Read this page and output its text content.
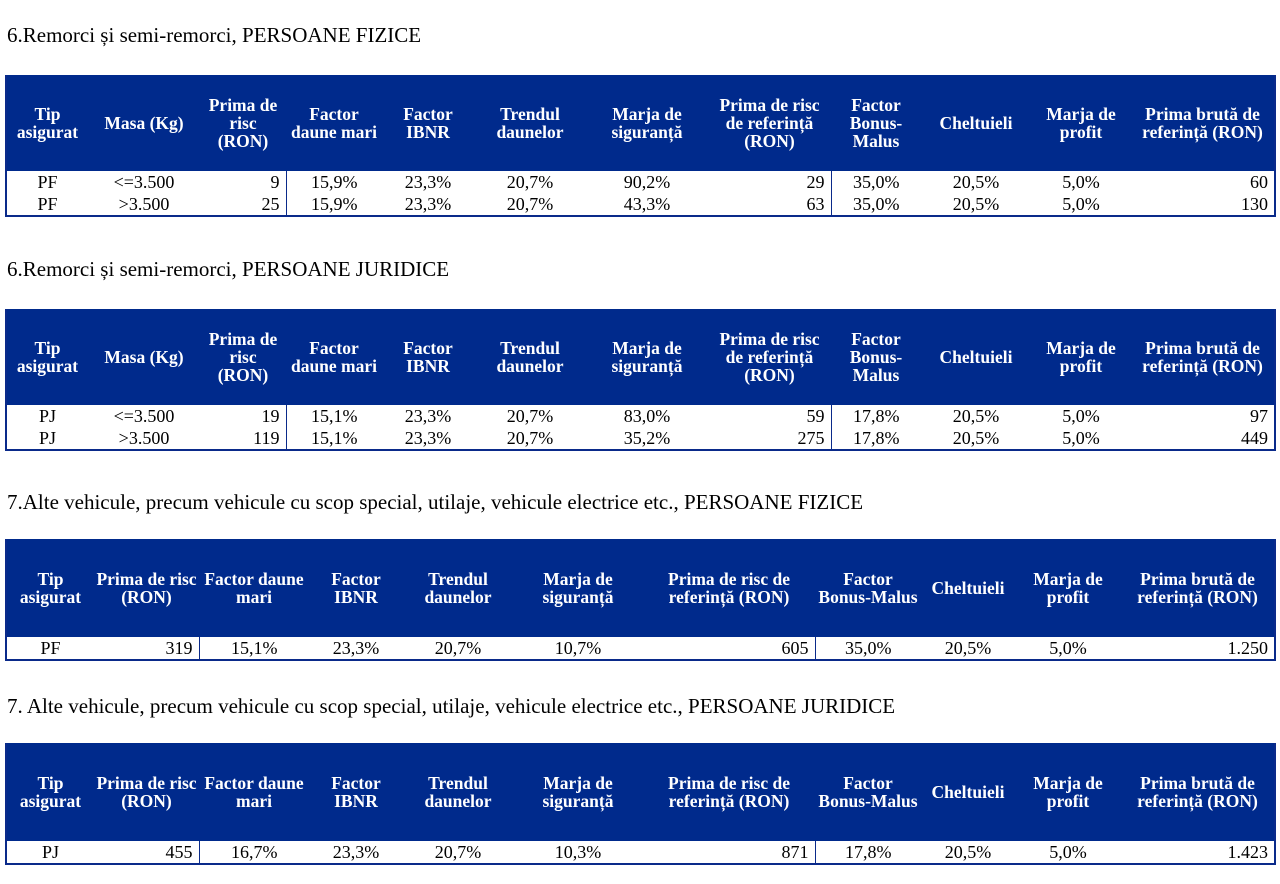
6.Remorci și semi-remorci, PERSOANE FIZICE
Tip asigurat	Masa (Kg)	Prima de risc (RON)	Factor daune mari	Factor IBNR	Trendul daunelor	Marja de siguranță	Prima de risc de referință (RON)	Factor Bonus-Malus	Cheltuieli	Marja de profit	Prima brută de referință (RON)
PF	<=3.500	9	15,9%	23,3%	20,7%	90,2%	29	35,0%	20,5%	5,0%	60
PF	>3.500	25	15,9%	23,3%	20,7%	43,3%	63	35,0%	20,5%	5,0%	130
6.Remorci și semi-remorci, PERSOANE JURIDICE
Tip asigurat	Masa (Kg)	Prima de risc (RON)	Factor daune mari	Factor IBNR	Trendul daunelor	Marja de siguranță	Prima de risc de referință (RON)	Factor Bonus-Malus	Cheltuieli	Marja de profit	Prima brută de referință (RON)
PJ	<=3.500	19	15,1%	23,3%	20,7%	83,0%	59	17,8%	20,5%	5,0%	97
PJ	>3.500	119	15,1%	23,3%	20,7%	35,2%	275	17,8%	20,5%	5,0%	449
7.Alte vehicule, precum vehicule cu scop special, utilaje, vehicule electrice etc., PERSOANE FIZICE
Tip asigurat	Prima de risc (RON)	Factor daune mari	Factor IBNR	Trendul daunelor	Marja de siguranță	Prima de risc de referință (RON)	Factor Bonus-Malus	Cheltuieli	Marja de profit	Prima brută de referință (RON)
PF	319	15,1%	23,3%	20,7%	10,7%	605	35,0%	20,5%	5,0%	1.250
7. Alte vehicule, precum vehicule cu scop special, utilaje, vehicule electrice etc., PERSOANE JURIDICE
Tip asigurat	Prima de risc (RON)	Factor daune mari	Factor IBNR	Trendul daunelor	Marja de siguranță	Prima de risc de referință (RON)	Factor Bonus-Malus	Cheltuieli	Marja de profit	Prima brută de referință (RON)
PJ	455	16,7%	23,3%	20,7%	10,3%	871	17,8%	20,5%	5,0%	1.423
